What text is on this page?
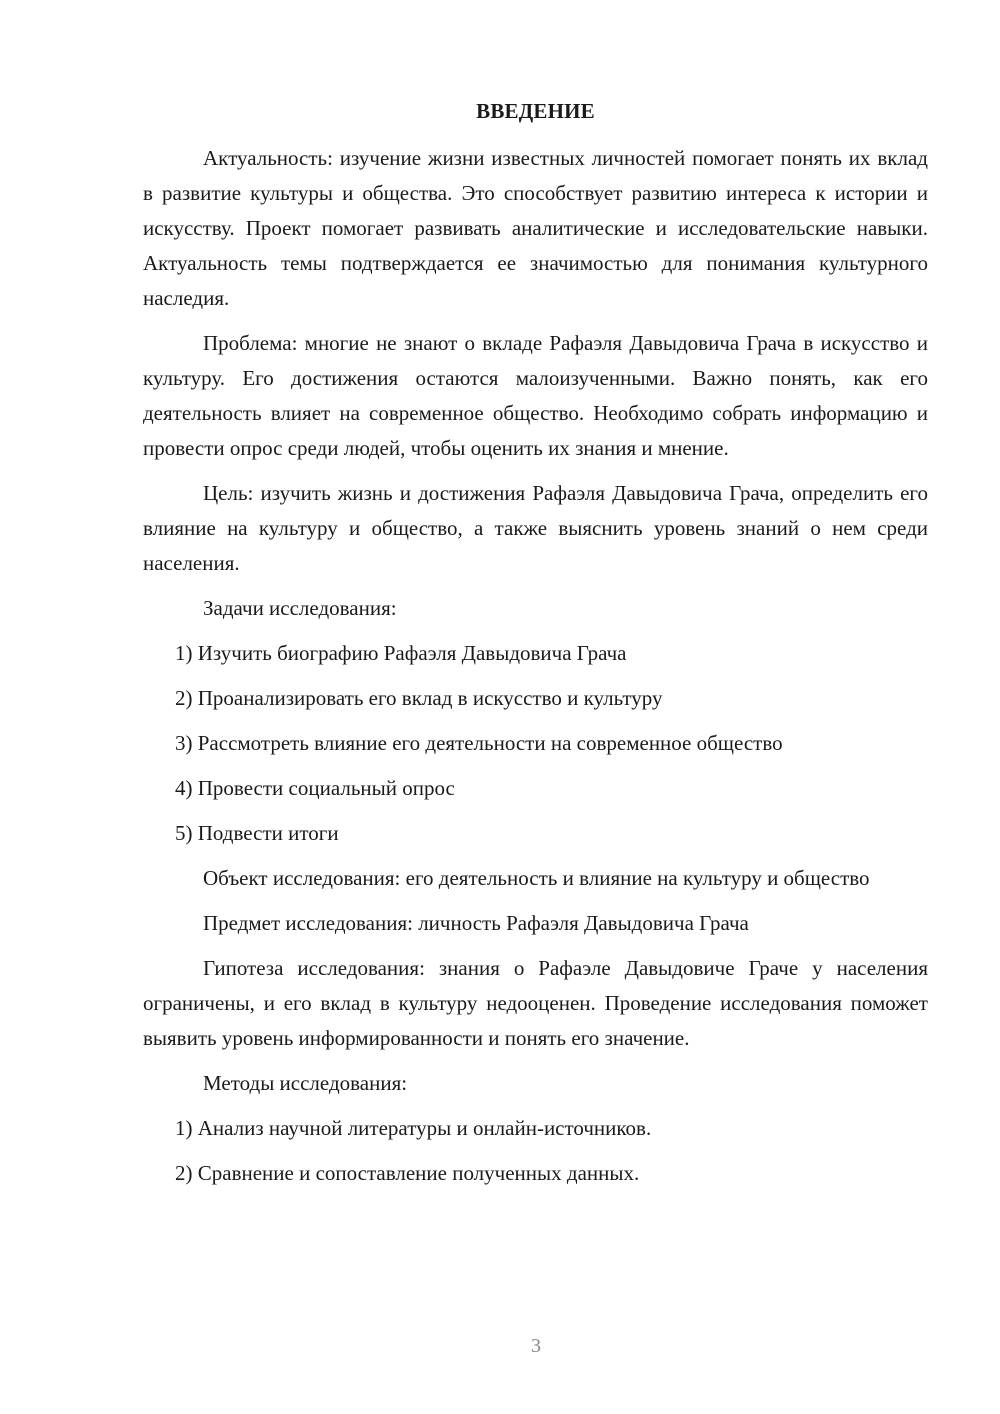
ВВЕДЕНИЕ

Актуальность: изучение жизни известных личностей помогает понять их вклад в развитие культуры и общества. Это способствует развитию интереса к истории и искусству. Проект помогает развивать аналитические и исследовательские навыки. Актуальность темы подтверждается ее значимостью для понимания культурного наследия.

Проблема: многие не знают о вкладе Рафаэля Давыдовича Грача в искусство и культуру. Его достижения остаются малоизученными. Важно понять, как его деятельность влияет на современное общество. Необходимо собрать информацию и провести опрос среди людей, чтобы оценить их знания и мнение.

Цель: изучить жизнь и достижения Рафаэля Давыдовича Грача, определить его влияние на культуру и общество, а также выяснить уровень знаний о нем среди населения.

Задачи исследования:

1) Изучить биографию Рафаэля Давыдовича Грача
2) Проанализировать его вклад в искусство и культуру
3) Рассмотреть влияние его деятельности на современное общество
4) Провести социальный опрос
5) Подвести итоги

Объект исследования: его деятельность и влияние на культуру и общество

Предмет исследования: личность Рафаэля Давыдовича Грача

Гипотеза исследования: знания о Рафаэле Давыдовиче Граче у населения ограничены, и его вклад в культуру недооценен. Проведение исследования поможет выявить уровень информированности и понять его значение.

Методы исследования:

1) Анализ научной литературы и онлайн-источников.
2) Сравнение и сопоставление полученных данных.
3
